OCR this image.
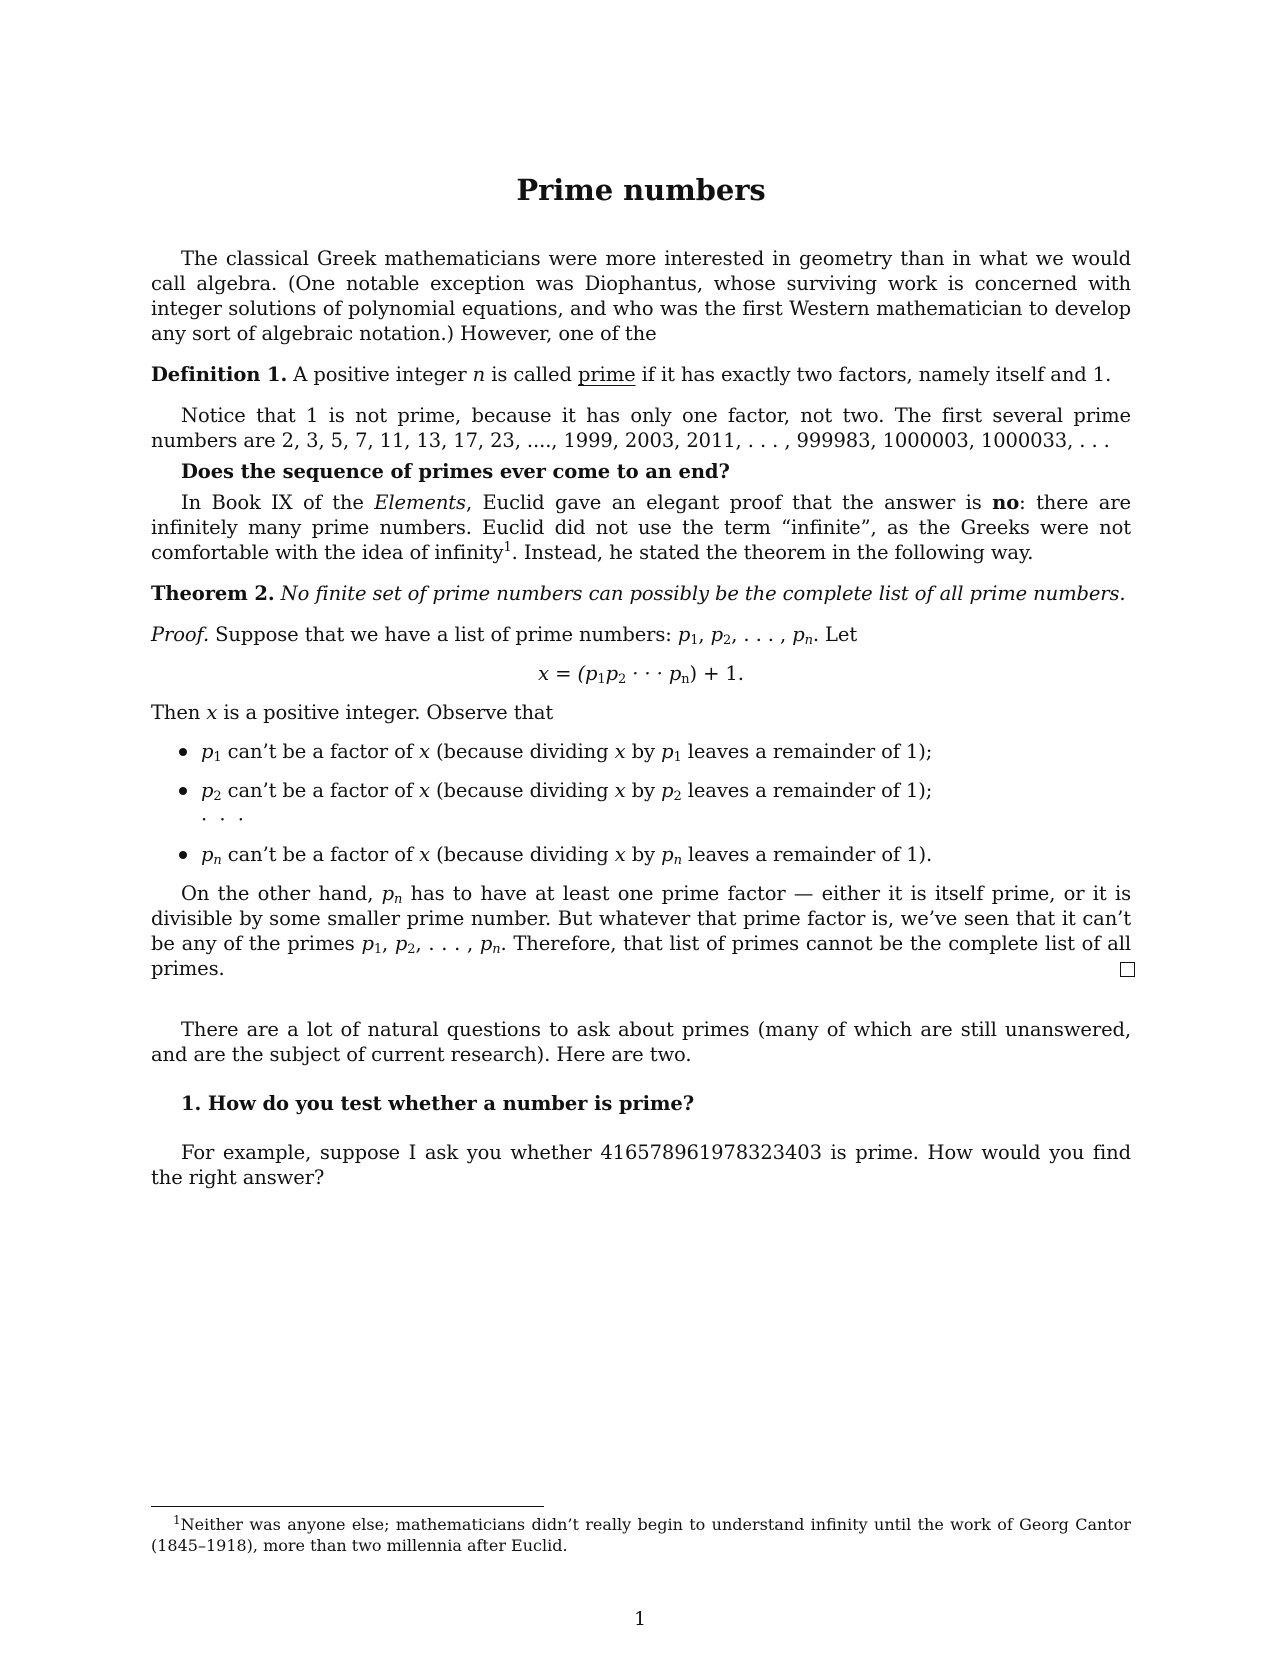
Prime numbers

The classical Greek mathematicians were more interested in geometry than in what we would call algebra. (One notable exception was Diophantus, whose surviving work is concerned with integer solutions of polynomial equations, and who was the first Western mathematician to develop any sort of algebraic notation.) However, one of the

Definition 1. A positive integer n is called prime if it has exactly two factors, namely itself and 1.

Notice that 1 is not prime, because it has only one factor, not two. The first several prime numbers are 2, 3, 5, 7, 11, 13, 17, 23, ...., 1999, 2003, 2011, . . . , 999983, 1000003, 1000033, . . .

Does the sequence of primes ever come to an end?

In Book IX of the Elements, Euclid gave an elegant proof that the answer is no: there are infinitely many prime numbers. Euclid did not use the term “infinite”, as the Greeks were not comfortable with the idea of infinity$^1$. Instead, he stated the theorem in the following way.

Theorem 2. No finite set of prime numbers can possibly be the complete list of all prime numbers.

Proof. Suppose that we have a list of prime numbers: $p_1$, $p_2$, . . . , $p_n$. Let

$x = (p_1p_2$ · · · $p_n) + 1$.

Then x is a positive integer. Observe that

$p_1$ can’t be a factor of x (because dividing x by $p_1$ leaves a remainder of 1);
$p_2$ can’t be a factor of x (because dividing x by $p_2$ leaves a remainder of 1);
· · ·
$p_n$ can’t be a factor of x (because dividing x by $p_n$ leaves a remainder of 1).

On the other hand, $p_n$ has to have at least one prime factor — either it is itself prime, or it is divisible by some smaller prime number. But whatever that prime factor is, we’ve seen that it can’t be any of the primes $p_1$, $p_2$, . . . , $p_n$. Therefore, that list of primes cannot be the complete list of all primes.

There are a lot of natural questions to ask about primes (many of which are still unanswered, and are the subject of current research). Here are two.

1. How do you test whether a number is prime?

For example, suppose I ask you whether 416578961978323403 is prime. How would you find the right answer?

$^1$Neither was anyone else; mathematicians didn’t really begin to understand infinity until the work of Georg Cantor (1845–1918), more than two millennia after Euclid.
1
